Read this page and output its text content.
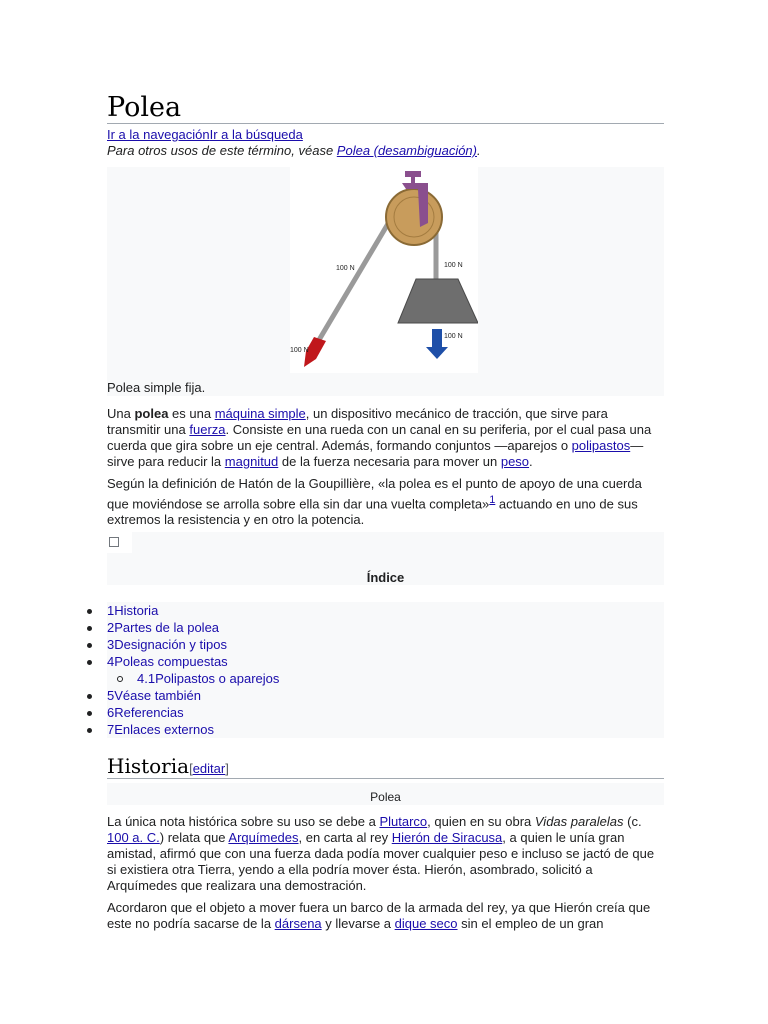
Polea
Ir a la navegaciónIr a la búsqueda
Para otros usos de este término, véase Polea (desambiguación).
100 N	100 N
100 N
100 N
Polea simple fija.

Una polea es una máquina simple, un dispositivo mecánico de tracción, que sirve para transmitir una fuerza. Consiste en una rueda con un canal en su periferia, por el cual pasa una cuerda que gira sobre un eje central. Además, formando conjuntos —aparejos o polipastos— sirve para reducir la magnitud de la fuerza necesaria para mover un peso.

Según la definición de Hatón de la Goupillière, «la polea es el punto de apoyo de una cuerda que moviéndose se arrolla sobre ella sin dar una vuelta completa»$^1$ actuando en uno de sus extremos la resistencia y en otro la potencia.

Índice
1Historia
2Partes de la polea
3Designación y tipos
4Poleas compuestas
4.1Polipastos o aparejos
5Véase también
6Referencias
7Enlaces externos
Historia[editar]
Polea

La única nota histórica sobre su uso se debe a Plutarco, quien en su obra Vidas paralelas (c. 100 a. C.) relata que Arquímedes, en carta al rey Hierón de Siracusa, a quien le unía gran amistad, afirmó que con una fuerza dada podía mover cualquier peso e incluso se jactó de que si existiera otra Tierra, yendo a ella podría mover ésta. Hierón, asombrado, solicitó a Arquímedes que realizara una demostración.

Acordaron que el objeto a mover fuera un barco de la armada del rey, ya que Hierón creía que este no podría sacarse de la dársena y llevarse a dique seco sin el empleo de un gran
